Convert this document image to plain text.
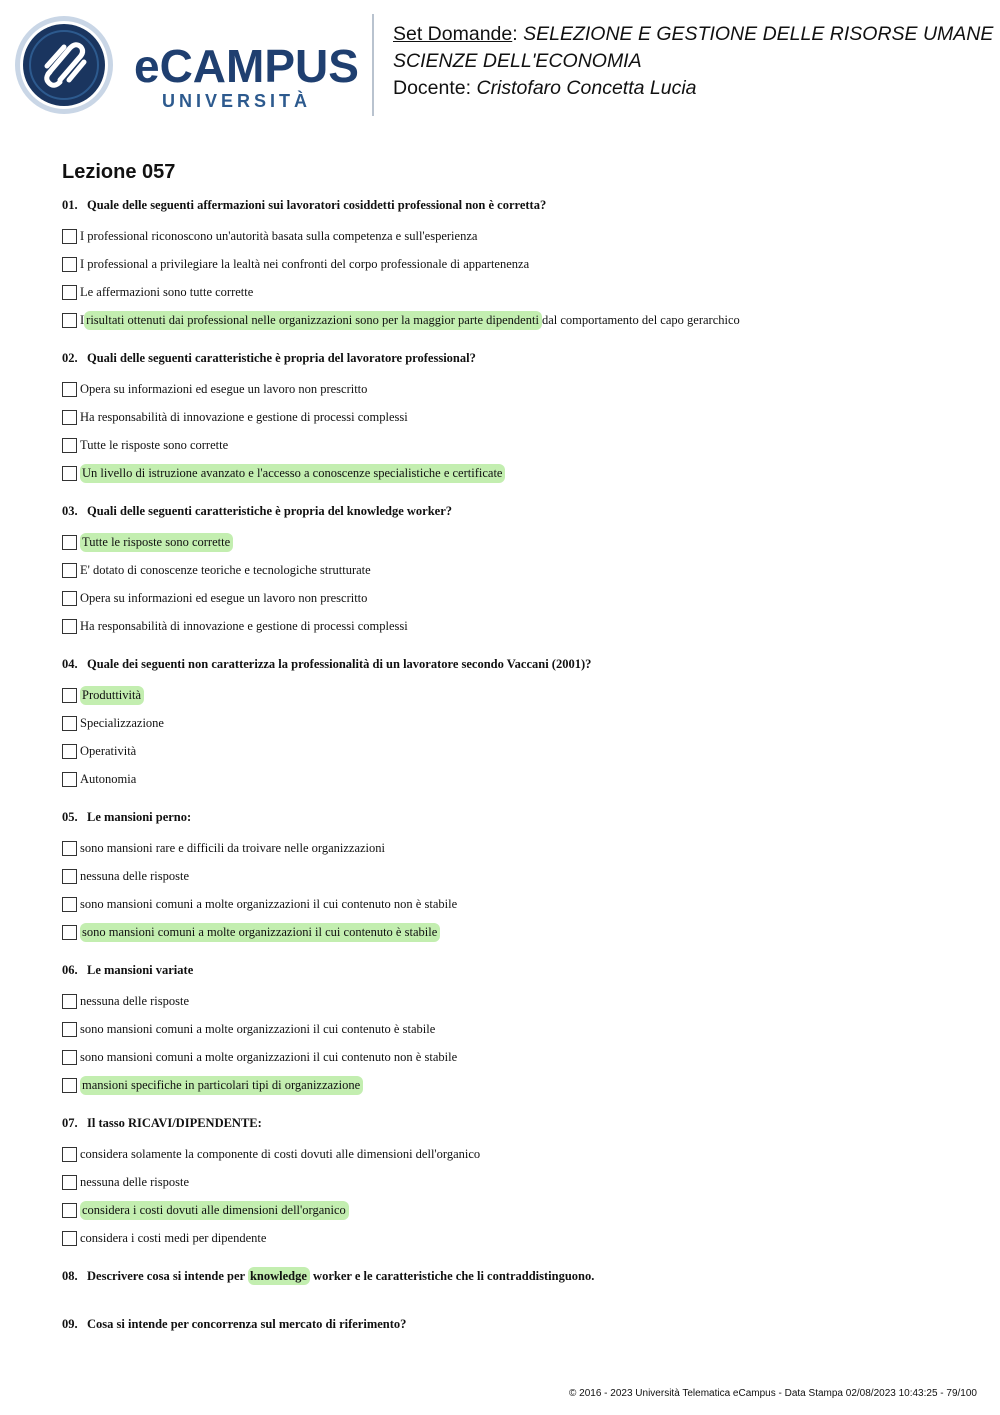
eCAMPUS
UNIVERSITÀ
Set Domande: SELEZIONE E GESTIONE DELLE RISORSE UMANE
SCIENZE DELL'ECONOMIA
Docente: Cristofaro Concetta Lucia
Lezione 057
01. Quale delle seguenti affermazioni sui lavoratori cosiddetti professional non è corretta?
I professional riconoscono un'autorità basata sulla competenza e sull'esperienza
I professional a privilegiare la lealtà nei confronti del corpo professionale di appartenenza
Le affermazioni sono tutte corrette
I risultati ottenuti dai professional nelle organizzazioni sono per la maggior parte dipendenti dal comportamento del capo gerarchico
02. Quali delle seguenti caratteristiche è propria del lavoratore professional?
Opera su informazioni ed esegue un lavoro non prescritto
Ha responsabilità di innovazione e gestione di processi complessi
Tutte le risposte sono corrette
Un livello di istruzione avanzato e l'accesso a conoscenze specialistiche e certificate
03. Quali delle seguenti caratteristiche è propria del knowledge worker?
Tutte le risposte sono corrette
E' dotato di conoscenze teoriche e tecnologiche strutturate
Opera su informazioni ed esegue un lavoro non prescritto
Ha responsabilità di innovazione e gestione di processi complessi
04. Quale dei seguenti non caratterizza la professionalità di un lavoratore secondo Vaccani (2001)?
Produttività
Specializzazione
Operatività
Autonomia
05. Le mansioni perno:
sono mansioni rare e difficili da troivare nelle organizzazioni
nessuna delle risposte
sono mansioni comuni a molte organizzazioni il cui contenuto non è stabile
sono mansioni comuni a molte organizzazioni il cui contenuto è stabile
06. Le mansioni variate
nessuna delle risposte
sono mansioni comuni a molte organizzazioni il cui contenuto è stabile
sono mansioni comuni a molte organizzazioni il cui contenuto non è stabile
mansioni specifiche in particolari tipi di organizzazione
07. Il tasso RICAVI/DIPENDENTE:
considera solamente la componente di costi dovuti alle dimensioni dell'organico
nessuna delle risposte
considera i costi dovuti alle dimensioni dell'organico
considera i costi medi per dipendente
08. Descrivere cosa si intende per knowledge worker e le caratteristiche che li contraddistinguono.
09. Cosa si intende per concorrenza sul mercato di riferimento?
© 2016 - 2023 Università Telematica eCampus - Data Stampa 02/08/2023 10:43:25 - 79/100
